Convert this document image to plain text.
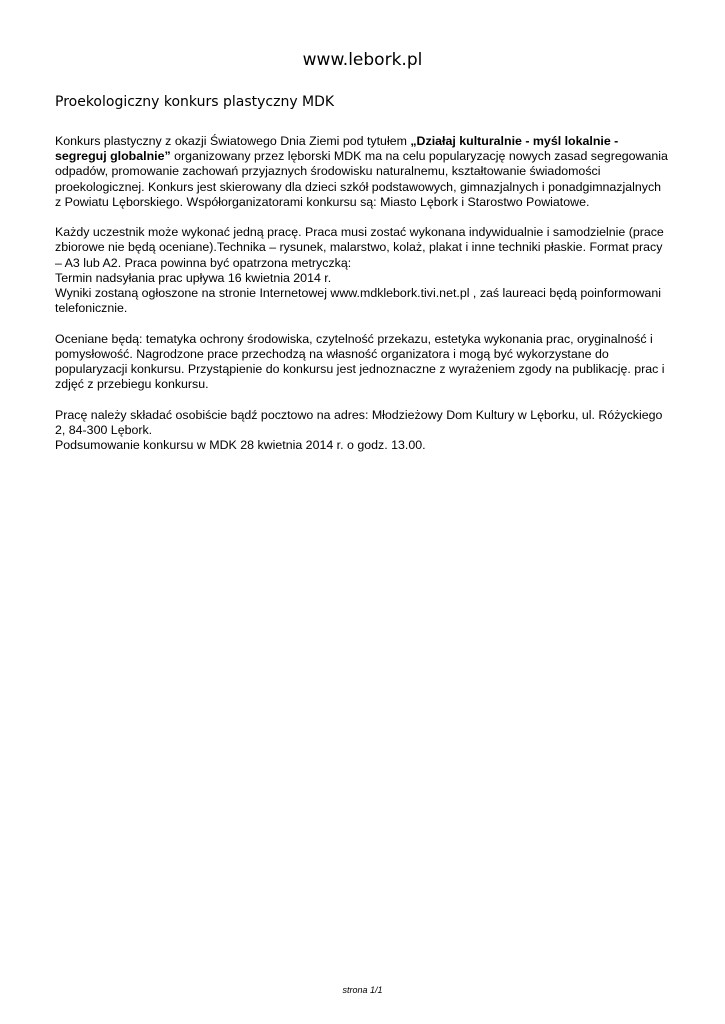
www.lebork.pl
Proekologiczny konkurs plastyczny MDK

Konkurs plastyczny z okazji Światowego Dnia Ziemi pod tytułem „Działaj kulturalnie - myśl lokalnie - segreguj globalnie” organizowany przez lęborski MDK ma na celu popularyzację nowych zasad segregowania odpadów, promowanie zachowań przyjaznych środowisku naturalnemu, kształtowanie świadomości proekologicznej. Konkurs jest skierowany dla dzieci szkół podstawowych, gimnazjalnych i ponadgimnazjalnych z Powiatu Lęborskiego. Współorganizatorami konkursu są: Miasto Lębork i Starostwo Powiatowe.

Każdy uczestnik może wykonać jedną pracę. Praca musi zostać wykonana indywidualnie i samodzielnie (prace zbiorowe nie będą oceniane).Technika – rysunek, malarstwo, kolaż, plakat i inne techniki płaskie. Format pracy – A3 lub A2. Praca powinna być opatrzona metryczką:
Termin nadsyłania prac upływa 16 kwietnia 2014 r.
Wyniki zostaną ogłoszone na stronie Internetowej www.mdklebork.tivi.net.pl , zaś laureaci będą poinformowani telefonicznie.

Oceniane będą: tematyka ochrony środowiska, czytelność przekazu, estetyka wykonania prac, oryginalność i pomysłowość. Nagrodzone prace przechodzą na własność organizatora i mogą być wykorzystane do popularyzacji konkursu. Przystąpienie do konkursu jest jednoznaczne z wyrażeniem zgody na publikację. prac i zdjęć z przebiegu konkursu.

Pracę należy składać osobiście bądź pocztowo na adres: Młodzieżowy Dom Kultury w Lęborku, ul. Różyckiego 2, 84-300 Lębork.
Podsumowanie konkursu w MDK 28 kwietnia 2014 r. o godz. 13.00.

strona 1/1
